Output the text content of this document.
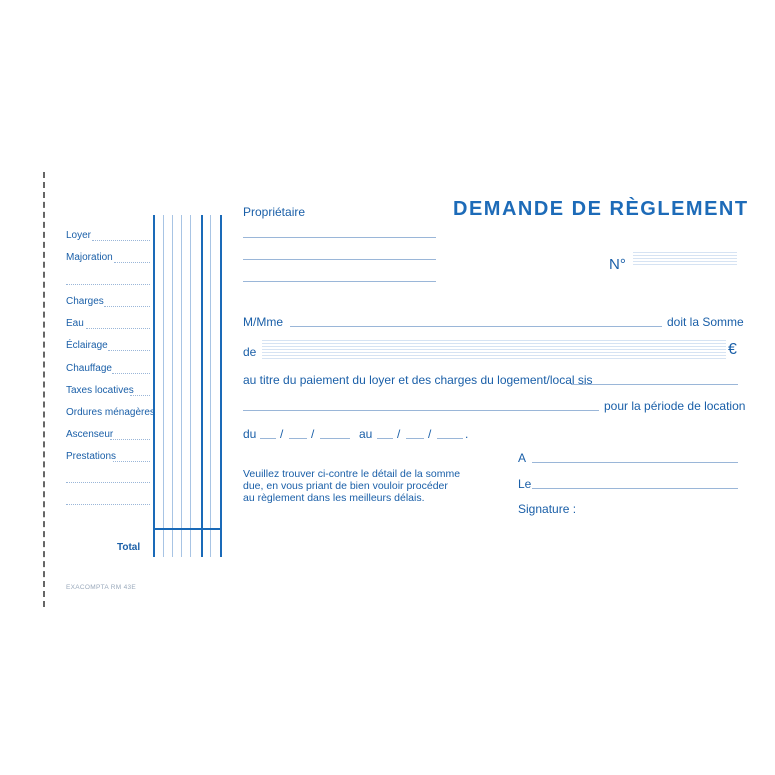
Loyer
Majoration
Charges
Eau
Éclairage
Chauffage
Taxes locatives
Ordures ménagères
Ascenseur
Prestations
Total
EXACOMPTA RM 43E
DEMANDE DE RÈGLEMENT
Propriétaire
N°
M/Mme	doit la Somme
de	€
au titre du paiement du loyer et des charges du logement/local sis
pour la période de location
du / /	au / /	.
Veuillez trouver ci-contre le détail de la somme
due, en vous priant de bien vouloir procéder
au règlement dans les meilleurs délais.
A
Le
Signature :
